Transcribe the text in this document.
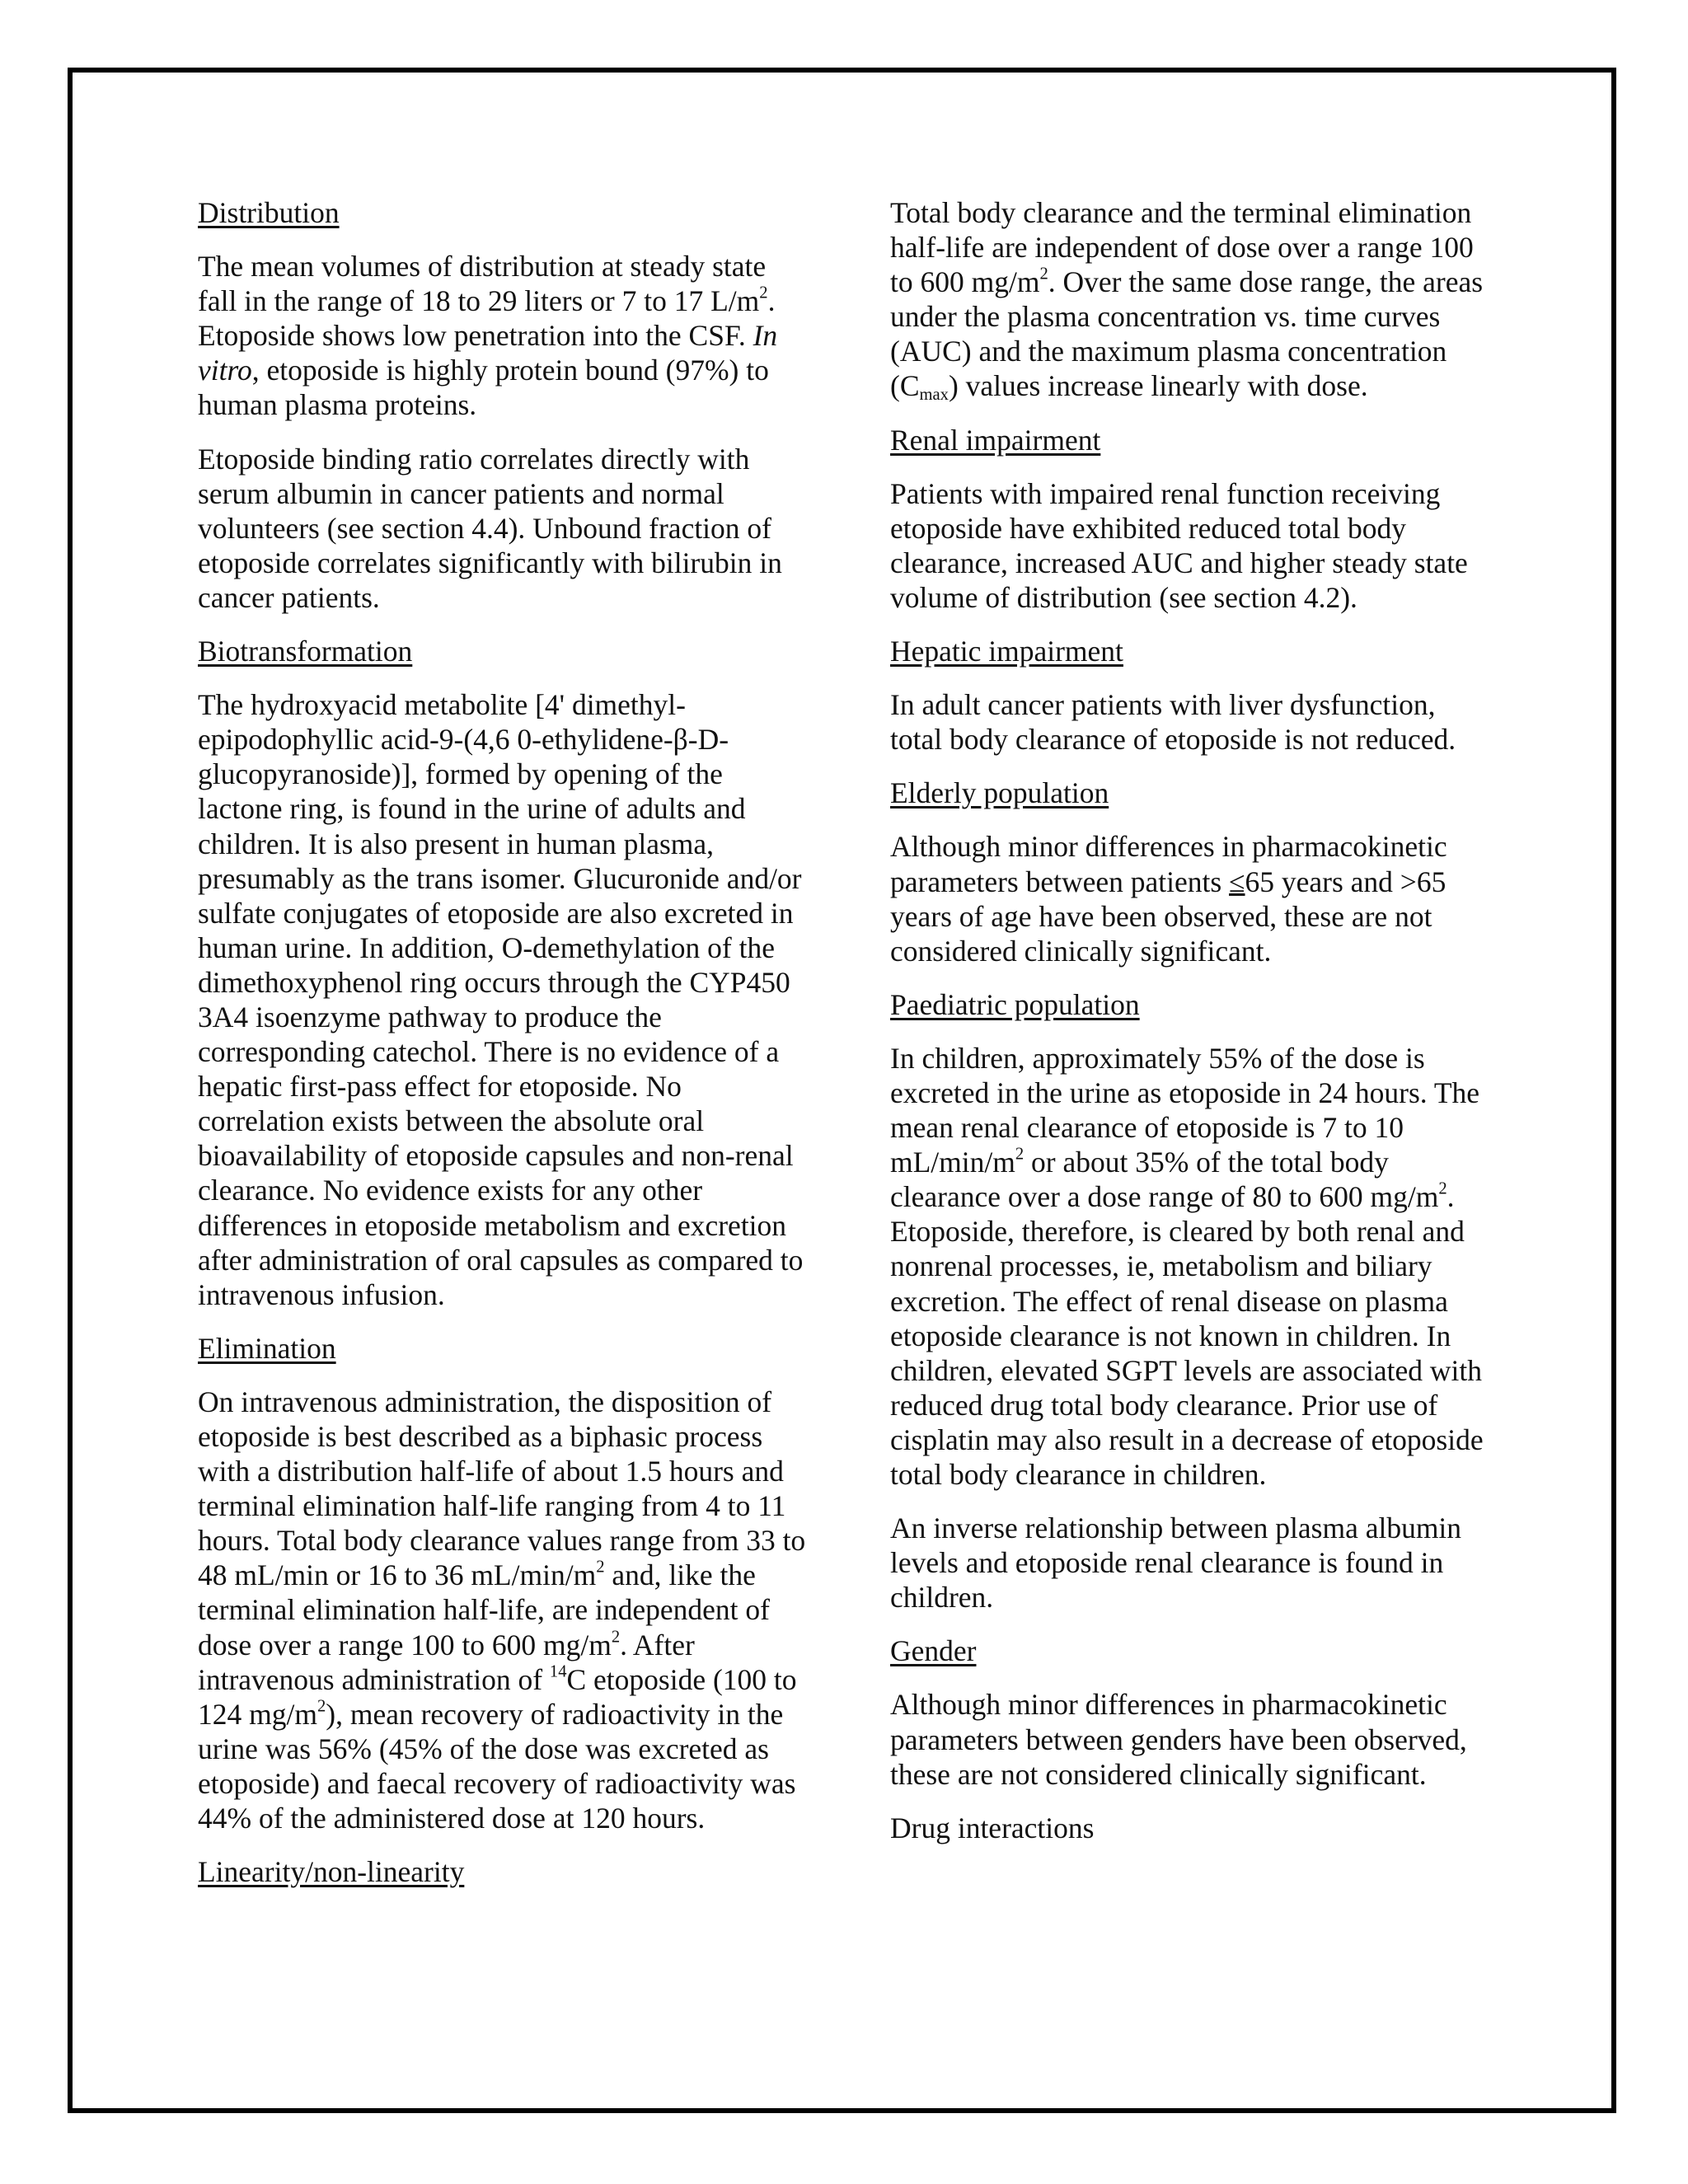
Distribution
The mean volumes of distribution at steady state fall in the range of 18 to 29 liters or 7 to 17 $L/m^2$. Etoposide shows low penetration into the CSF. In vitro, etoposide is highly protein bound (97%) to human plasma proteins.
Etoposide binding ratio correlates directly with serum albumin in cancer patients and normal volunteers (see section 4.4). Unbound fraction of etoposide correlates significantly with bilirubin in cancer patients.
Biotransformation
The hydroxyacid metabolite [4' dimethyl-epipodophyllic acid-9-(4,6 0-ethylidene-β-D-glucopyranoside)], formed by opening of the lactone ring, is found in the urine of adults and children. It is also present in human plasma, presumably as the trans isomer. Glucuronide and/or sulfate conjugates of etoposide are also excreted in human urine. In addition, O-demethylation of the dimethoxyphenol ring occurs through the CYP450 3A4 isoenzyme pathway to produce the corresponding catechol. There is no evidence of a hepatic first-pass effect for etoposide. No correlation exists between the absolute oral bioavailability of etoposide capsules and non-renal clearance. No evidence exists for any other differences in etoposide metabolism and excretion after administration of oral capsules as compared to intravenous infusion.
Elimination
On intravenous administration, the disposition of etoposide is best described as a biphasic process with a distribution half-life of about 1.5 hours and terminal elimination half-life ranging from 4 to 11 hours. Total body clearance values range from 33 to 48 mL/min or 16 to 36 $mL/\min/m^2$ and, like the terminal elimination half-life, are independent of dose over a range 100 to 600 $mg/m^2$. After intravenous administration of $^{14}$C etoposide (100 to 124 $mg/m^2$), mean recovery of radioactivity in the urine was 56% (45% of the dose was excreted as etoposide) and faecal recovery of radioactivity was 44% of the administered dose at 120 hours.
Linearity/non-linearity
Total body clearance and the terminal elimination half-life are independent of dose over a range 100 to 600 $mg/m^2$. Over the same dose range, the areas under the plasma concentration vs. time curves (AUC) and the maximum plasma concentration $(C_{max})$ values increase linearly with dose.
Renal impairment
Patients with impaired renal function receiving etoposide have exhibited reduced total body clearance, increased AUC and higher steady state volume of distribution (see section 4.2).
Hepatic impairment
In adult cancer patients with liver dysfunction, total body clearance of etoposide is not reduced.
Elderly population
Although minor differences in pharmacokinetic parameters between patients ≤65 years and >65 years of age have been observed, these are not considered clinically significant.
Paediatric population
In children, approximately 55% of the dose is excreted in the urine as etoposide in 24 hours. The mean renal clearance of etoposide is 7 to 10 $mL/\min/m^2$ or about 35% of the total body clearance over a dose range of 80 to 600 $mg/m^2$. Etoposide, therefore, is cleared by both renal and nonrenal processes, ie, metabolism and biliary excretion. The effect of renal disease on plasma etoposide clearance is not known in children. In children, elevated SGPT levels are associated with reduced drug total body clearance. Prior use of cisplatin may also result in a decrease of etoposide total body clearance in children.
An inverse relationship between plasma albumin levels and etoposide renal clearance is found in children.
Gender
Although minor differences in pharmacokinetic parameters between genders have been observed, these are not considered clinically significant.
Drug interactions
